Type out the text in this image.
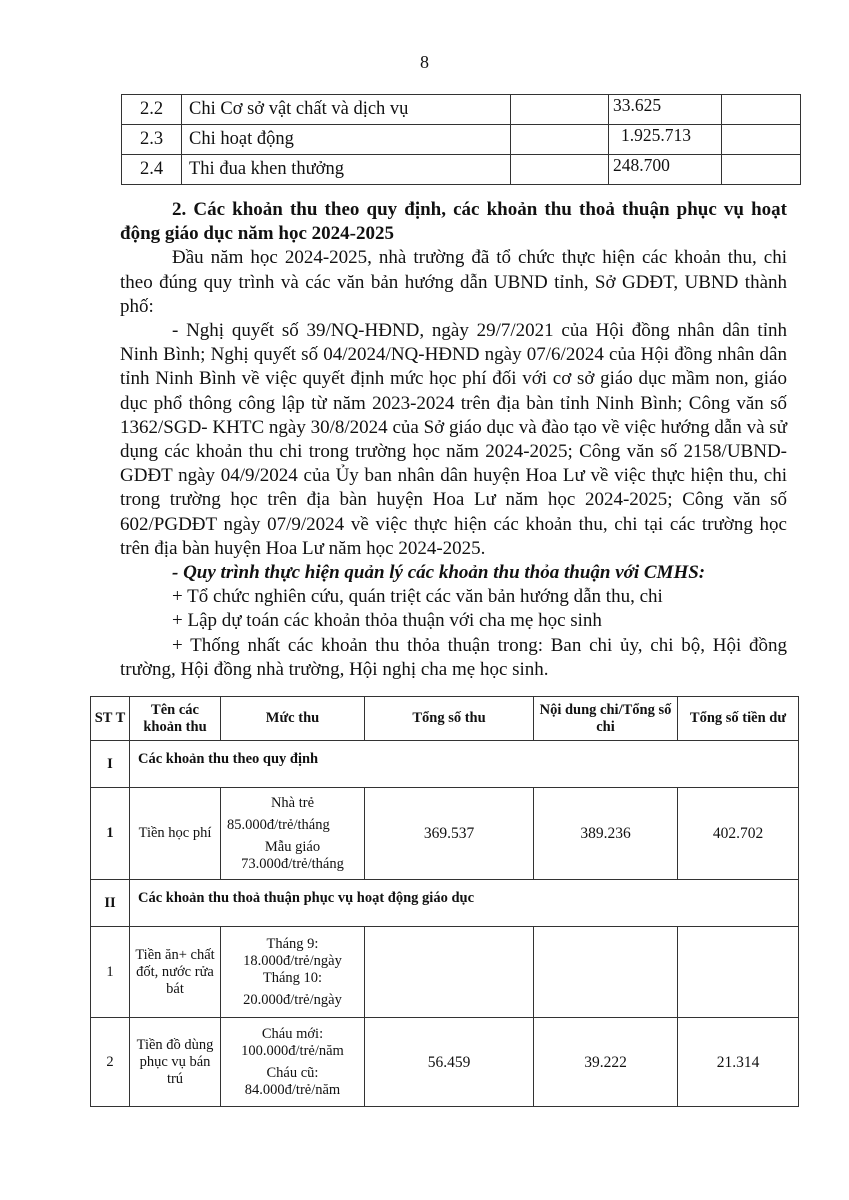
8
2.2	Chi Cơ sở vật chất và dịch vụ		33.625	
2.3	Chi hoạt động		1.925.713	
2.4	Thi đua khen thưởng		248.700	

2. Các khoản thu theo quy định, các khoản thu thoả thuận phục vụ hoạt động giáo dục năm học 2024-2025

Đầu năm học 2024-2025, nhà trường đã tổ chức thực hiện các khoản thu, chi theo đúng quy trình và các văn bản hướng dẫn UBND tỉnh, Sở GDĐT, UBND thành phố:

- Nghị quyết số 39/NQ-HĐND, ngày 29/7/2021 của Hội đồng nhân dân tỉnh Ninh Bình; Nghị quyết số 04/2024/NQ-HĐND ngày 07/6/2024 của Hội đồng nhân dân tỉnh Ninh Bình về việc quyết định mức học phí đối với cơ sở giáo dục mầm non, giáo dục phổ thông công lập từ năm 2023-2024 trên địa bàn tỉnh Ninh Bình; Công văn số 1362/SGD- KHTC ngày 30/8/2024 của Sở giáo dục và đào tạo về việc hướng dẫn và sử dụng các khoản thu chi trong trường học năm 2024-2025; Công văn số 2158/UBND-GDĐT ngày 04/9/2024 của Ủy ban nhân dân huyện Hoa Lư về việc thực hiện thu, chi trong trường học trên địa bàn huyện Hoa Lư năm học 2024-2025; Công văn số 602/PGDĐT ngày 07/9/2024 về việc thực hiện các khoản thu, chi tại các trường học trên địa bàn huyện Hoa Lư năm học 2024-2025.

- Quy trình thực hiện quản lý các khoản thu thỏa thuận với CMHS:

+ Tổ chức nghiên cứu, quán triệt các văn bản hướng dẫn thu, chi

+ Lập dự toán các khoản thỏa thuận với cha mẹ học sinh

+ Thống nhất các khoản thu thỏa thuận trong: Ban chi ủy, chi bộ, Hội đồng trường, Hội đồng nhà trường, Hội nghị cha mẹ học sinh.

ST T	Tên các khoản thu	Mức thu	Tổng số thu	Nội dung chi/Tổng số chi	Tổng số tiền dư
I	Các khoản thu theo quy định				
1	Tiền học phí	Nhà trẻ
85.000đ/trẻ/tháng
Mẫu giáo
73.000đ/trẻ/tháng	369.537	389.236	402.702
II	Các khoản thu thoả thuận phục vụ hoạt động giáo dục				
1	Tiền ăn+ chất đốt, nước rửa bát	Tháng 9:
18.000đ/trẻ/ngày
Tháng 10:
20.000đ/trẻ/ngày			

2	Tiền đồ dùng phục vụ bán trú	Cháu mới:
100.000đ/trẻ/năm
Cháu cũ:
84.000đ/trẻ/năm	56.459	39.222	21.314
